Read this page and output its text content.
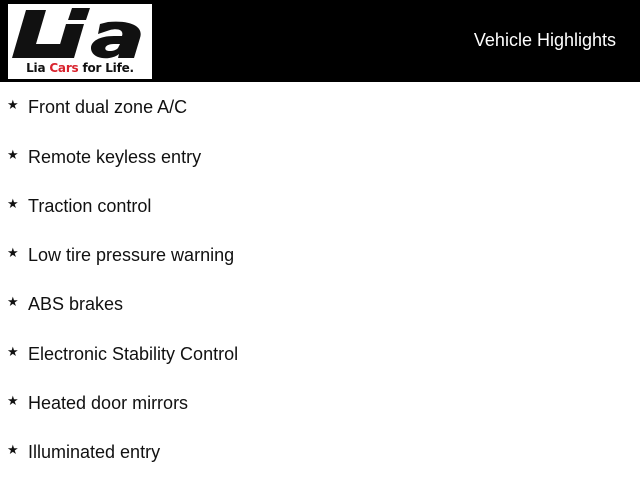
Lia Cars for Life.
Vehicle Highlights
★ Front dual zone A/C
★ Remote keyless entry
★ Traction control
★ Low tire pressure warning
★ ABS brakes
★ Electronic Stability Control
★ Heated door mirrors
★ Illuminated entry
